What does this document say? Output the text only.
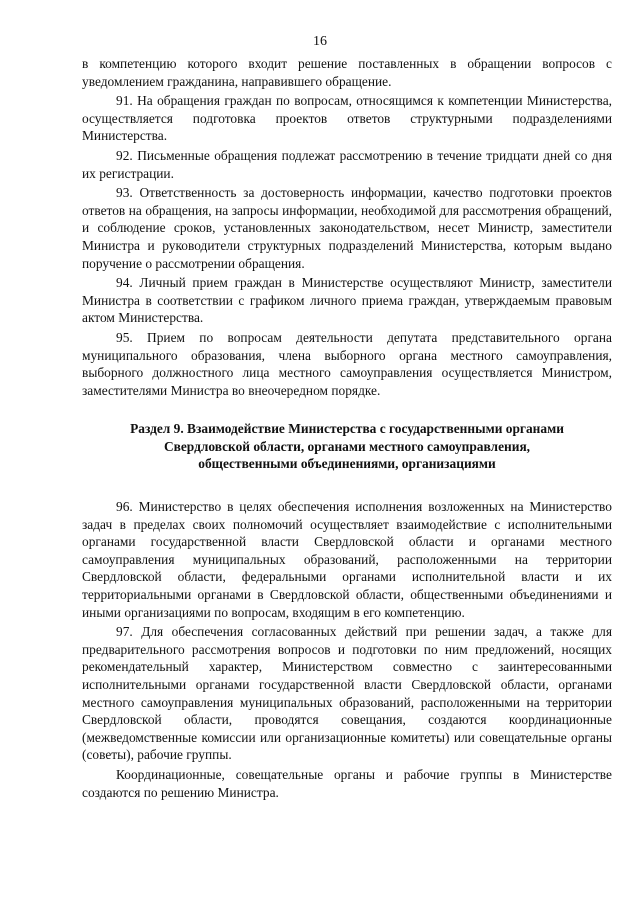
16

в компетенцию которого входит решение поставленных в обращении вопросов с уведомлением гражданина, направившего обращение.

91. На обращения граждан по вопросам, относящимся к компетенции Министерства, осуществляется подготовка проектов ответов структурными подразделениями Министерства.

92. Письменные обращения подлежат рассмотрению в течение тридцати дней со дня их регистрации.

93. Ответственность за достоверность информации, качество подготовки проектов ответов на обращения, на запросы информации, необходимой для рассмотрения обращений, и соблюдение сроков, установленных законодательством, несет Министр, заместители Министра и руководители структурных подразделений Министерства, которым выдано поручение о рассмотрении обращения.

94. Личный прием граждан в Министерстве осуществляют Министр, заместители Министра в соответствии с графиком личного приема граждан, утверждаемым правовым актом Министерства.

95. Прием по вопросам деятельности депутата представительного органа муниципального образования, члена выборного органа местного самоуправления, выборного должностного лица местного самоуправления осуществляется Министром, заместителями Министра во внеочередном порядке.

Раздел 9. Взаимодействие Министерства с государственными органами
Свердловской области, органами местного самоуправления,
общественными объединениями, организациями

96. Министерство в целях обеспечения исполнения возложенных на Министерство задач в пределах своих полномочий осуществляет взаимодействие с исполнительными органами государственной власти Свердловской области и органами местного самоуправления муниципальных образований, расположенными на территории Свердловской области, федеральными органами исполнительной власти и их территориальными органами в Свердловской области, общественными объединениями и иными организациями по вопросам, входящим в его компетенцию.

97. Для обеспечения согласованных действий при решении задач, а также для предварительного рассмотрения вопросов и подготовки по ним предложений, носящих рекомендательный характер, Министерством совместно с заинтересованными исполнительными органами государственной власти Свердловской области, органами местного самоуправления муниципальных образований, расположенными на территории Свердловской области, проводятся совещания, создаются координационные (межведомственные комиссии или организационные комитеты) или совещательные органы (советы), рабочие группы.

Координационные, совещательные органы и рабочие группы в Министерстве создаются по решению Министра.
